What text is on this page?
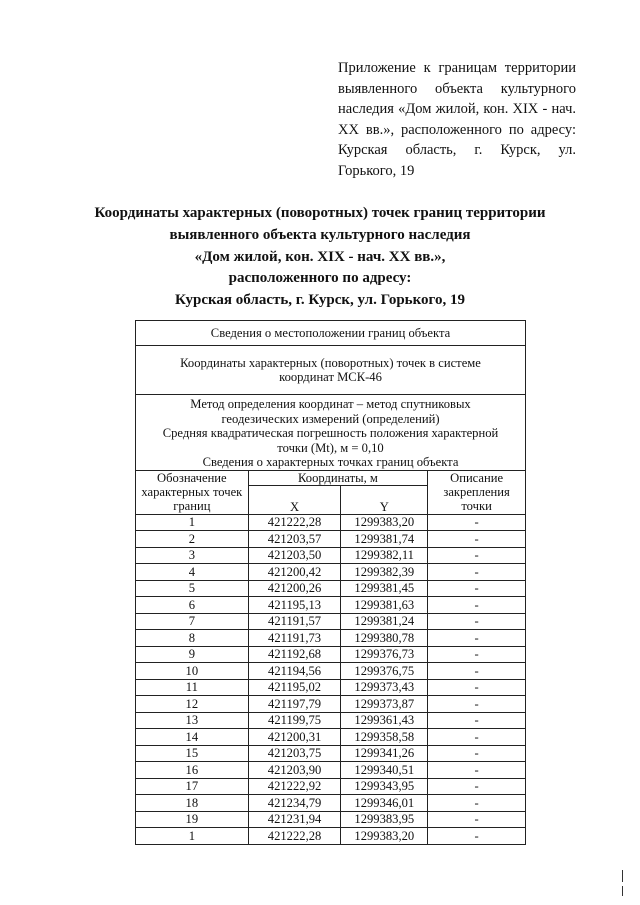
Приложение к границам территории выявленного объекта культурного наследия «Дом жилой, кон. XIX - нач. XX вв.», расположенного по адресу: Курская область, г. Курск, ул. Горького, 19
Координаты характерных (поворотных) точек границ территории
выявленного объекта культурного наследия
«Дом жилой, кон. XIX - нач. XX вв.»,
расположенного по адресу:
Курская область, г. Курск, ул. Горького, 19
Сведения о местоположении границ объекта			
Координаты характерных (поворотных) точек в системе координат МСК-46			

Метод определения координат – метод спутниковых геодезических измерений (определений)
Средняя квадратическая погрешность положения характерной точки (Mt), м = 0,10
Сведения о характерных точках границ объекта			

Обозначение характерных точек границ	Координаты, м		Описание закрепления точки
	X	Y	
1	421222,28	1299383,20	-
2	421203,57	1299381,74	-
3	421203,50	1299382,11	-
4	421200,42	1299382,39	-
5	421200,26	1299381,45	-
6	421195,13	1299381,63	-
7	421191,57	1299381,24	-
8	421191,73	1299380,78	-
9	421192,68	1299376,73	-
10	421194,56	1299376,75	-
11	421195,02	1299373,43	-
12	421197,79	1299373,87	-
13	421199,75	1299361,43	-
14	421200,31	1299358,58	-
15	421203,75	1299341,26	-
16	421203,90	1299340,51	-
17	421222,92	1299343,95	-
18	421234,79	1299346,01	-
19	421231,94	1299383,95	-
1	421222,28	1299383,20	-
